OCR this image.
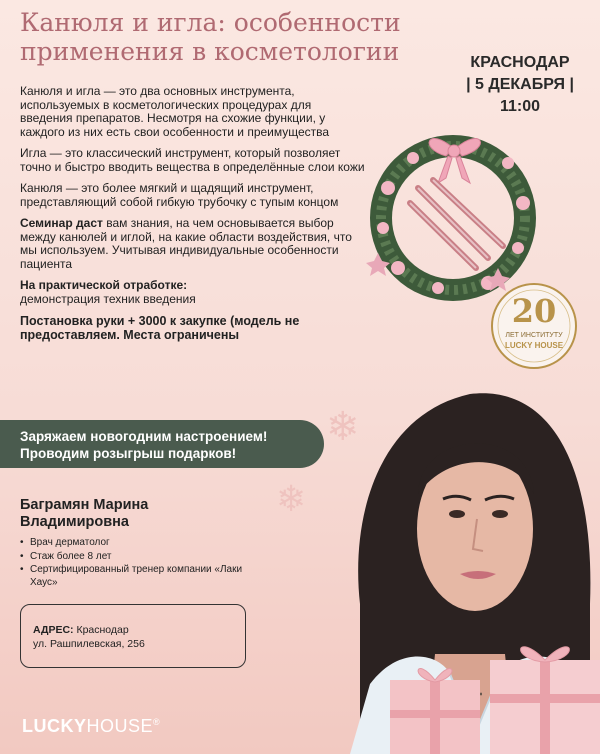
Канюля и игла: особенности применения в косметологии	КРАСНОДАР
| 5 ДЕКАБРЯ |
11:00

Канюля и игла — это два основных инструмента, используемых в косметологических процедурах для введения препаратов. Несмотря на схожие функции, у каждого из них есть свои особенности и преимущества

Игла — это классический инструмент, который позволяет точно и быстро вводить вещества в определённые слои кожи

Канюля — это более мягкий и щадящий инструмент, представляющий собой гибкую трубочку с тупым концом

Семинар даст вам знания, на чем основывается выбор между канюлей и иглой, на какие области воздействия, что мы используем. Учитывая индивидуальные особенности пациента

На практической отработке:
демонстрация техник введения

Постановка руки + 3000 к закупке (модель не предоставляем. Места ограничены

20
ЛЕТ ИНСТИТУТУ
LUCKY HOUSE
Заряжаем новогодним настроением!
Проводим розыгрыш подарков!
❄
❄
Баграмян Марина Владимировна
• Врач дерматолог
• Стаж более 8 лет
• Сертифицированный тренер компании «Лаки Хаус»
АДРЕС: Краснодар
ул. Рашпилевская, 256
LUCKYHOUSE®
